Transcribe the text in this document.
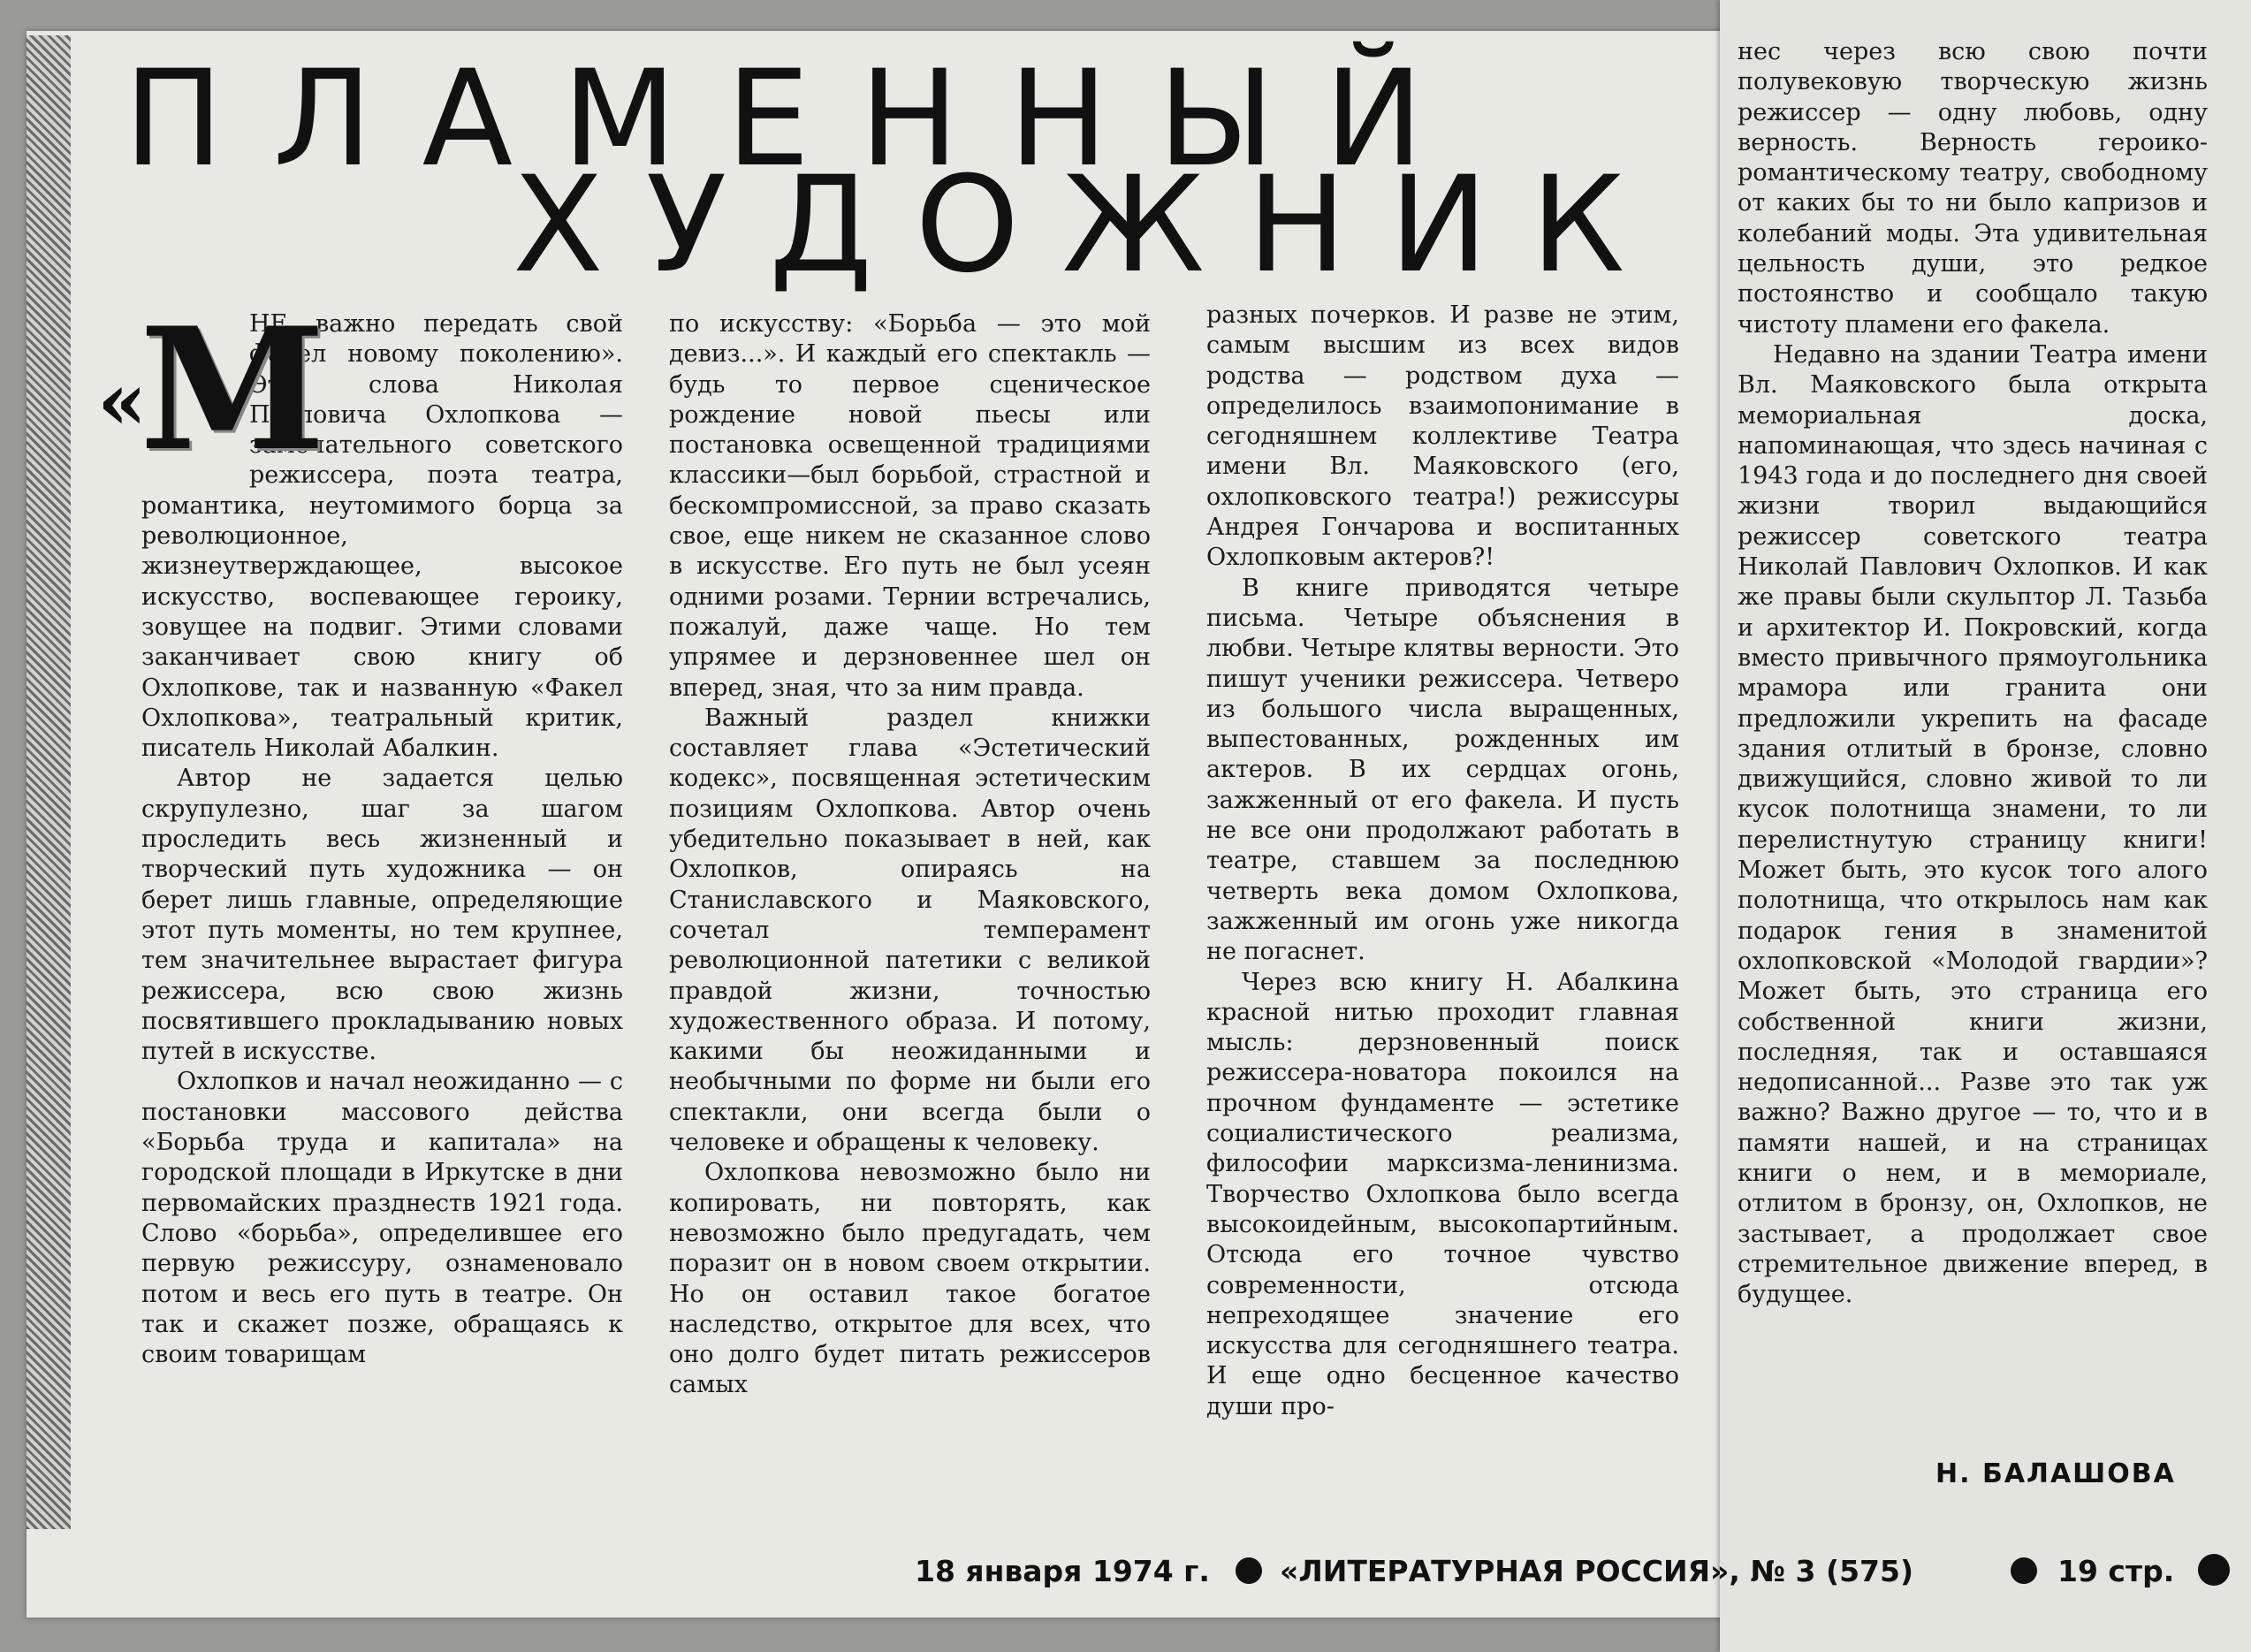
ПЛАМЕННЫЙ
ХУДОЖНИК
«
М

НЕ важно передать свой факел новому поколению». Это слова Николая Павловича Охлопкова — замечательного советского режиссера, поэта театра, романтика, неутомимого борца за революционное, жизнеутверждающее, высокое искусство, воспевающее героику, зовущее на подвиг. Этими словами заканчивает свою книгу об Охлопкове, так и названную «Факел Охлопкова», театральный критик, писатель Николай Абалкин.

Автор не задается целью скрупулезно, шаг за шагом проследить весь жизненный и творческий путь художника — он берет лишь главные, определяющие этот путь моменты, но тем крупнее, тем значительнее вырастает фигура режиссера, всю свою жизнь посвятившего прокладыванию новых путей в искусстве.

Охлопков и начал неожиданно — с постановки массового действа «Борьба труда и капитала» на городской площади в Иркутске в дни первомайских празднеств 1921 года. Слово «борьба», определившее его первую режиссуру, ознаменовало потом и весь его путь в театре. Он так и скажет позже, обращаясь к своим товарищам

по искусству: «Борьба — это мой девиз...». И каждый его спектакль — будь то первое сценическое рождение новой пьесы или постановка освещенной традициями классики—был борьбой, страстной и бескомпромиссной, за право сказать свое, еще никем не сказанное слово в искусстве. Его путь не был усеян одними розами. Тернии встречались, пожалуй, даже чаще. Но тем упрямее и дерзновеннее шел он вперед, зная, что за ним правда.

Важный раздел книжки составляет глава «Эстетический кодекс», посвященная эстетическим позициям Охлопкова. Автор очень убедительно показывает в ней, как Охлопков, опираясь на Станиславского и Маяковского, сочетал темперамент революционной патетики с великой правдой жизни, точностью художественного образа. И потому, какими бы неожиданными и необычными по форме ни были его спектакли, они всегда были о человеке и обращены к человеку.

Охлопкова невозможно было ни копировать, ни повторять, как невозможно было предугадать, чем поразит он в новом своем открытии. Но он оставил такое богатое наследство, открытое для всех, что оно долго будет питать режиссеров самых

разных почерков. И разве не этим, самым высшим из всех видов родства — родством духа — определилось взаимопонимание в сегодняшнем коллективе Театра имени Вл. Маяковского (его, охлопковского театра!) режиссуры Андрея Гончарова и воспитанных Охлопковым актеров?!

В книге приводятся четыре письма. Четыре объяснения в любви. Четыре клятвы верности. Это пишут ученики режиссера. Четверо из большого числа выращенных, выпестованных, рожденных им актеров. В их сердцах огонь, зажженный от его факела. И пусть не все они продолжают работать в театре, ставшем за последнюю четверть века домом Охлопкова, зажженный им огонь уже никогда не погаснет.

Через всю книгу Н. Абалкина красной нитью проходит главная мысль: дерзновенный поиск режиссера-новатора покоился на прочном фундаменте — эстетике социалистического реализма, философии марксизма-ленинизма. Творчество Охлопкова было всегда высокоидейным, высокопартийным. Отсюда его точное чувство современности, отсюда непреходящее значение его искусства для сегодняшнего театра. И еще одно бесценное качество души про-

нес через всю свою почти полувековую творческую жизнь режиссер — одну любовь, одну верность. Верность героико-романтическому театру, свободному от каких бы то ни было капризов и колебаний моды. Эта удивительная цельность души, это редкое постоянство и сообщало такую чистоту пламени его факела.

Недавно на здании Театра имени Вл. Маяковского была открыта мемориальная доска, напоминающая, что здесь начиная с 1943 года и до последнего дня своей жизни творил выдающийся режиссер советского театра Николай Павлович Охлопков. И как же правы были скульптор Л. Тазьба и архитектор И. Покровский, когда вместо привычного прямоугольника мрамора или гранита они предложили укрепить на фасаде здания отлитый в бронзе, словно движущийся, словно живой то ли кусок полотнища знамени, то ли перелистнутую страницу книги! Может быть, это кусок того алого полотнища, что открылось нам как подарок гения в знаменитой охлопковской «Молодой гвардии»? Может быть, это страница его собственной книги жизни, последняя, так и оставшаяся недописанной... Разве это так уж важно? Важно другое — то, что и в памяти нашей, и на страницах книги о нем, и в мемориале, отлитом в бронзу, он, Охлопков, не застывает, а продолжает свое стремительное движение вперед, в будущее.

Н. БАЛАШОВА
18 января 1974 г. «ЛИТЕРАТУРНАЯ РОССИЯ», № 3 (575)	19 стр.
